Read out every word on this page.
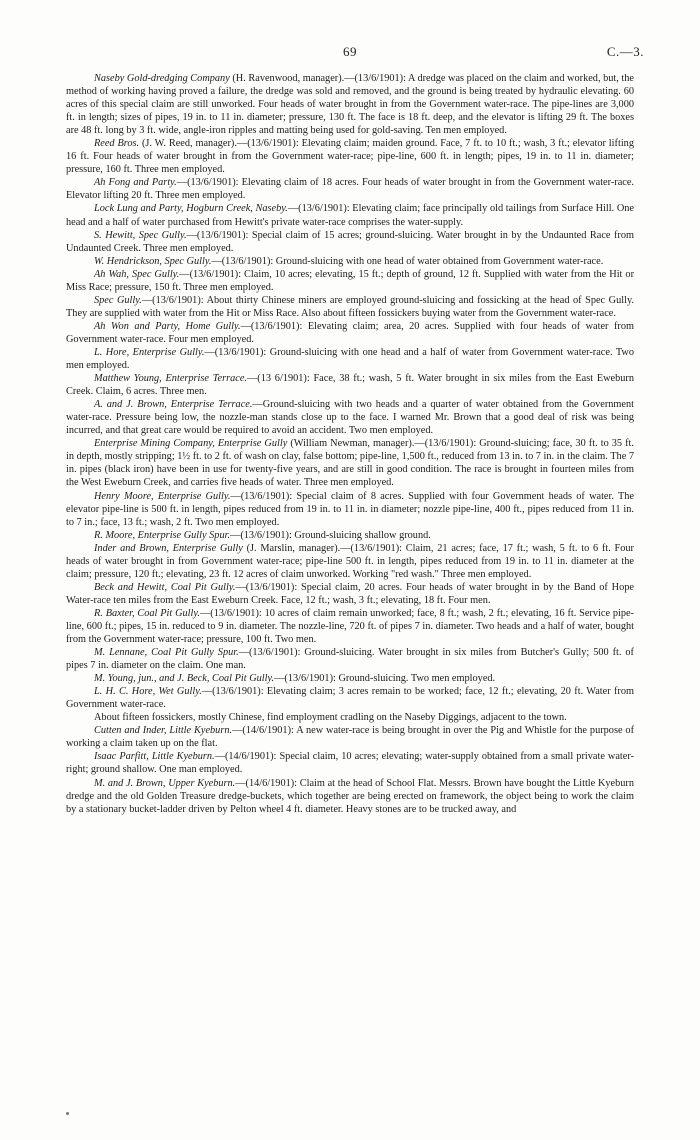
69	C.—3.

Naseby Gold-dredging Company (H. Ravenwood, manager).—(13/6/1901): A dredge was placed on the claim and worked, but, the method of working having proved a failure, the dredge was sold and removed, and the ground is being treated by hydraulic elevating. 60 acres of this special claim are still unworked. Four heads of water brought in from the Government water-race. The pipe-lines are 3,000 ft. in length; sizes of pipes, 19 in. to 11 in. diameter; pressure, 130 ft. The face is 18 ft. deep, and the elevator is lifting 29 ft. The boxes are 48 ft. long by 3 ft. wide, angle-iron ripples and matting being used for gold-saving. Ten men employed.

Reed Bros. (J. W. Reed, manager).—(13/6/1901): Elevating claim; maiden ground. Face, 7 ft. to 10 ft.; wash, 3 ft.; elevator lifting 16 ft. Four heads of water brought in from the Government water-race; pipe-line, 600 ft. in length; pipes, 19 in. to 11 in. diameter; pressure, 160 ft. Three men employed.

Ah Fong and Party.—(13/6/1901): Elevating claim of 18 acres. Four heads of water brought in from the Government water-race. Elevator lifting 20 ft. Three men employed.

Lock Lung and Party, Hogburn Creek, Naseby.—(13/6/1901): Elevating claim; face principally old tailings from Surface Hill. One head and a half of water purchased from Hewitt's private water-race comprises the water-supply.

S. Hewitt, Spec Gully.—(13/6/1901): Special claim of 15 acres; ground-sluicing. Water brought in by the Undaunted Race from Undaunted Creek. Three men employed.

W. Hendrickson, Spec Gully.—(13/6/1901): Ground-sluicing with one head of water obtained from Government water-race.

Ah Wah, Spec Gully.—(13/6/1901): Claim, 10 acres; elevating, 15 ft.; depth of ground, 12 ft. Supplied with water from the Hit or Miss Race; pressure, 150 ft. Three men employed.

Spec Gully.—(13/6/1901): About thirty Chinese miners are employed ground-sluicing and fossicking at the head of Spec Gully. They are supplied with water from the Hit or Miss Race. Also about fifteen fossickers buying water from the Government water-race.

Ah Won and Party, Home Gully.—(13/6/1901): Elevating claim; area, 20 acres. Supplied with four heads of water from Government water-race. Four men employed.

L. Hore, Enterprise Gully.—(13/6/1901): Ground-sluicing with one head and a half of water from Government water-race. Two men employed.

Matthew Young, Enterprise Terrace.—(13 6/1901): Face, 38 ft.; wash, 5 ft. Water brought in six miles from the East Eweburn Creek. Claim, 6 acres. Three men.

A. and J. Brown, Enterprise Terrace.—Ground-sluicing with two heads and a quarter of water obtained from the Government water-race. Pressure being low, the nozzle-man stands close up to the face. I warned Mr. Brown that a good deal of risk was being incurred, and that great care would be required to avoid an accident. Two men employed.

Enterprise Mining Company, Enterprise Gully (William Newman, manager).—(13/6/1901): Ground-sluicing; face, 30 ft. to 35 ft. in depth, mostly stripping; 1½ ft. to 2 ft. of wash on clay, false bottom; pipe-line, 1,500 ft., reduced from 13 in. to 7 in. in the claim. The 7 in. pipes (black iron) have been in use for twenty-five years, and are still in good condition. The race is brought in fourteen miles from the West Eweburn Creek, and carries five heads of water. Three men employed.

Henry Moore, Enterprise Gully.—(13/6/1901): Special claim of 8 acres. Supplied with four Government heads of water. The elevator pipe-line is 500 ft. in length, pipes reduced from 19 in. to 11 in. in diameter; nozzle pipe-line, 400 ft., pipes reduced from 11 in. to 7 in.; face, 13 ft.; wash, 2 ft. Two men employed.

R. Moore, Enterprise Gully Spur.—(13/6/1901): Ground-sluicing shallow ground.

Inder and Brown, Enterprise Gully (J. Marslin, manager).—(13/6/1901): Claim, 21 acres; face, 17 ft.; wash, 5 ft. to 6 ft. Four heads of water brought in from Government water-race; pipe-line 500 ft. in length, pipes reduced from 19 in. to 11 in. diameter at the claim; pressure, 120 ft.; elevating, 23 ft. 12 acres of claim unworked. Working "red wash." Three men employed.

Beck and Hewitt, Coal Pit Gully.—(13/6/1901): Special claim, 20 acres. Four heads of water brought in by the Band of Hope Water-race ten miles from the East Eweburn Creek. Face, 12 ft.; wash, 3 ft.; elevating, 18 ft. Four men.

R. Baxter, Coal Pit Gully.—(13/6/1901): 10 acres of claim remain unworked; face, 8 ft.; wash, 2 ft.; elevating, 16 ft. Service pipe-line, 600 ft.; pipes, 15 in. reduced to 9 in. diameter. The nozzle-line, 720 ft. of pipes 7 in. diameter. Two heads and a half of water, bought from the Government water-race; pressure, 100 ft. Two men.

M. Lennane, Coal Pit Gully Spur.—(13/6/1901): Ground-sluicing. Water brought in six miles from Butcher's Gully; 500 ft. of pipes 7 in. diameter on the claim. One man.

M. Young, jun., and J. Beck, Coal Pit Gully.—(13/6/1901): Ground-sluicing. Two men employed.

L. H. C. Hore, Wet Gully.—(13/6/1901): Elevating claim; 3 acres remain to be worked; face, 12 ft.; elevating, 20 ft. Water from Government water-race.

About fifteen fossickers, mostly Chinese, find employment cradling on the Naseby Diggings, adjacent to the town.

Cutten and Inder, Little Kyeburn.—(14/6/1901): A new water-race is being brought in over the Pig and Whistle for the purpose of working a claim taken up on the flat.

Isaac Parfitt, Little Kyeburn.—(14/6/1901): Special claim, 10 acres; elevating; water-supply obtained from a small private water-right; ground shallow. One man employed.

M. and J. Brown, Upper Kyeburn.—(14/6/1901): Claim at the head of School Flat. Messrs. Brown have bought the Little Kyeburn dredge and the old Golden Treasure dredge-buckets, which together are being erected on framework, the object being to work the claim by a stationary bucket-ladder driven by Pelton wheel 4 ft. diameter. Heavy stones are to be trucked away, and
